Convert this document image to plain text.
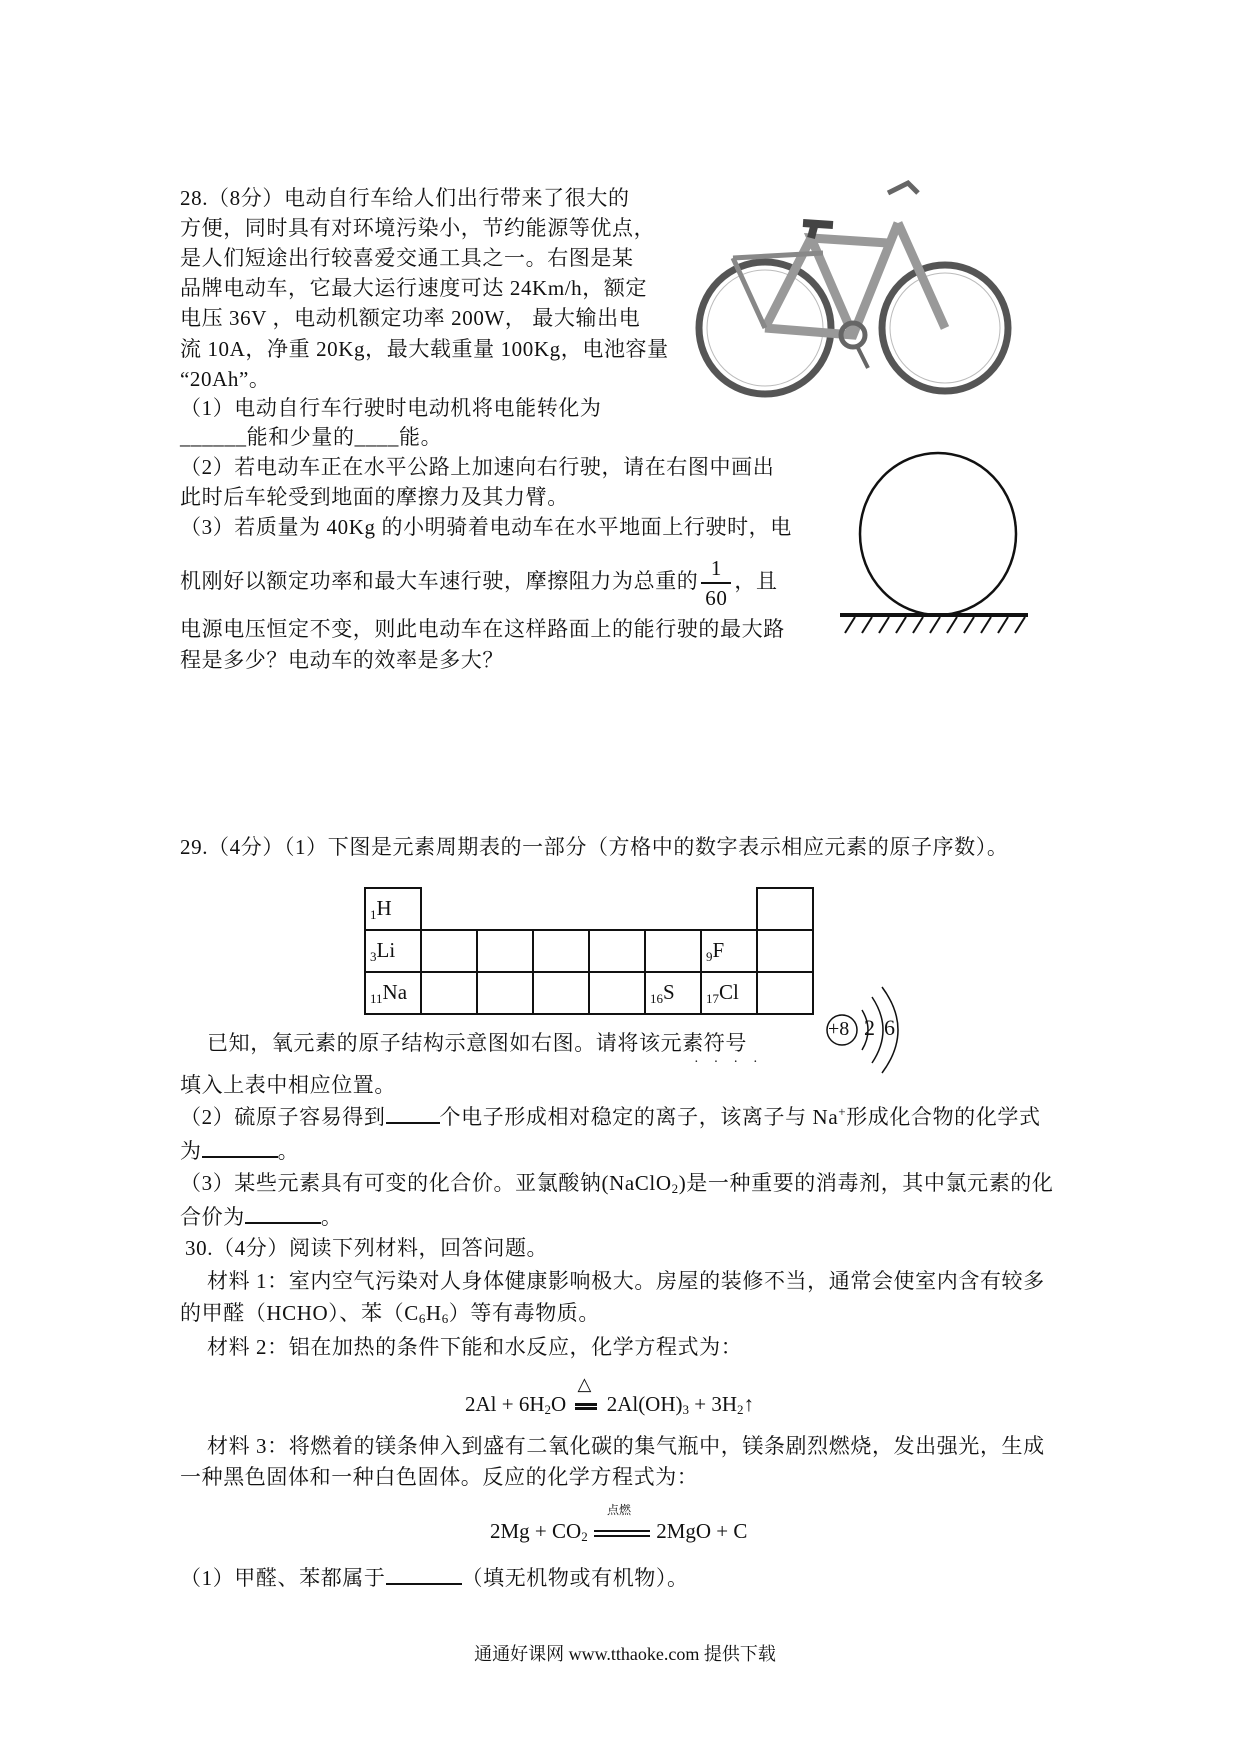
28.（8分）电动自行车给人们出行带来了很大的
方便，同时具有对环境污染小，节约能源等优点，
是人们短途出行较喜爱交通工具之一。右图是某
品牌电动车，它最大运行速度可达 24Km/h，额定
电压 36V ，电动机额定功率 200W， 最大输出电
流 10A，净重 20Kg，最大载重量 100Kg，电池容量
“20Ah”。
（1）电动自行车行驶时电动机将电能转化为
______能和少量的____能。
（2）若电动车正在水平公路上加速向右行驶，请在右图中画出
此时后车轮受到地面的摩擦力及其力臂。
（3）若质量为 40Kg 的小明骑着电动车在水平地面上行驶时，电
机刚好以额定功率和最大车速行驶，摩擦阻力为总重的 $\frac{1}{60}$ ，且
电源电压恒定不变，则此电动车在这样路面上的能行驶的最大路
程是多少？电动车的效率是多大？
29.（4分）（1）下图是元素周期表的一部分（方格中的数字表示相应元素的原子序数）。
1H							
3Li						9F	
11Na					16S	17Cl	
已知，氧元素的原子结构示意图如右图。请将该元素符号
····
+8 2 6
填入上表中相应位置。
（2）硫原子容易得到	个电子形成相对稳定的离子，该离子与 Na+形成化合物的化学式
为	。
（3）某些元素具有可变的化合价。亚氯酸钠(NaClO$_2$)是一种重要的消毒剂，其中氯元素的化
合价为	。
30.（4分）阅读下列材料，回答问题。
材料 1：室内空气污染对人身体健康影响极大。房屋的装修不当，通常会使室内含有较多
的甲醛（HCHO）、苯$(C_6H_6)$等有毒物质。
材料 2：铝在加热的条件下能和水反应，化学方程式为：
$2Al + 6H_2O$
△
$2Al(OH)_3$ + $3H_2↑$
材料 3：将燃着的镁条伸入到盛有二氧化碳的集气瓶中，镁条剧烈燃烧，发出强光，生成
一种黑色固体和一种白色固体。反应的化学方程式为：
$2Mg + CO_2$
点燃
2MgO + C
（1）甲醛、苯都属于	（填无机物或有机物）。
通通好课网 www.tthaoke.com 提供下载
